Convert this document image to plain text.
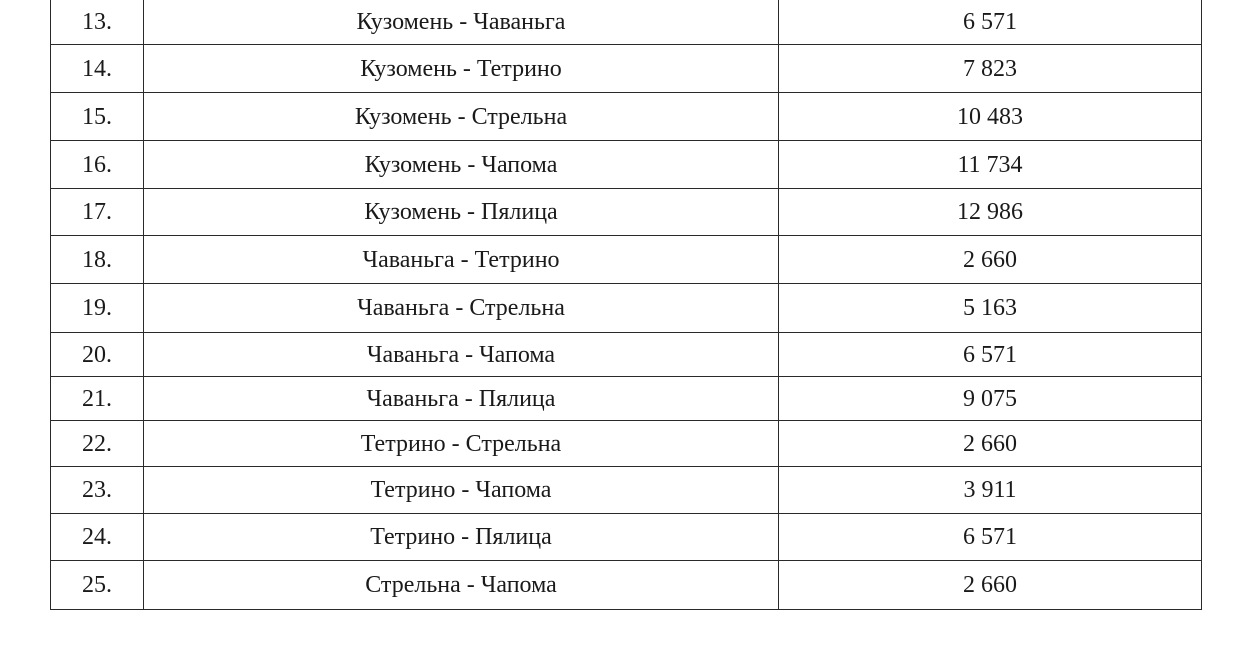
13.	Кузомень - Чаваньга	6 571
14.	Кузомень - Тетрино	7 823
15.	Кузомень - Стрельна	10 483
16.	Кузомень - Чапома	11 734
17.	Кузомень - Пялица	12 986
18.	Чаваньга - Тетрино	2 660
19.	Чаваньга - Стрельна	5 163
20.	Чаваньга - Чапома	6 571
21.	Чаваньга - Пялица	9 075
22.	Тетрино - Стрельна	2 660
23.	Тетрино - Чапома	3 911
24.	Тетрино - Пялица	6 571
25.	Стрельна - Чапома	2 660
